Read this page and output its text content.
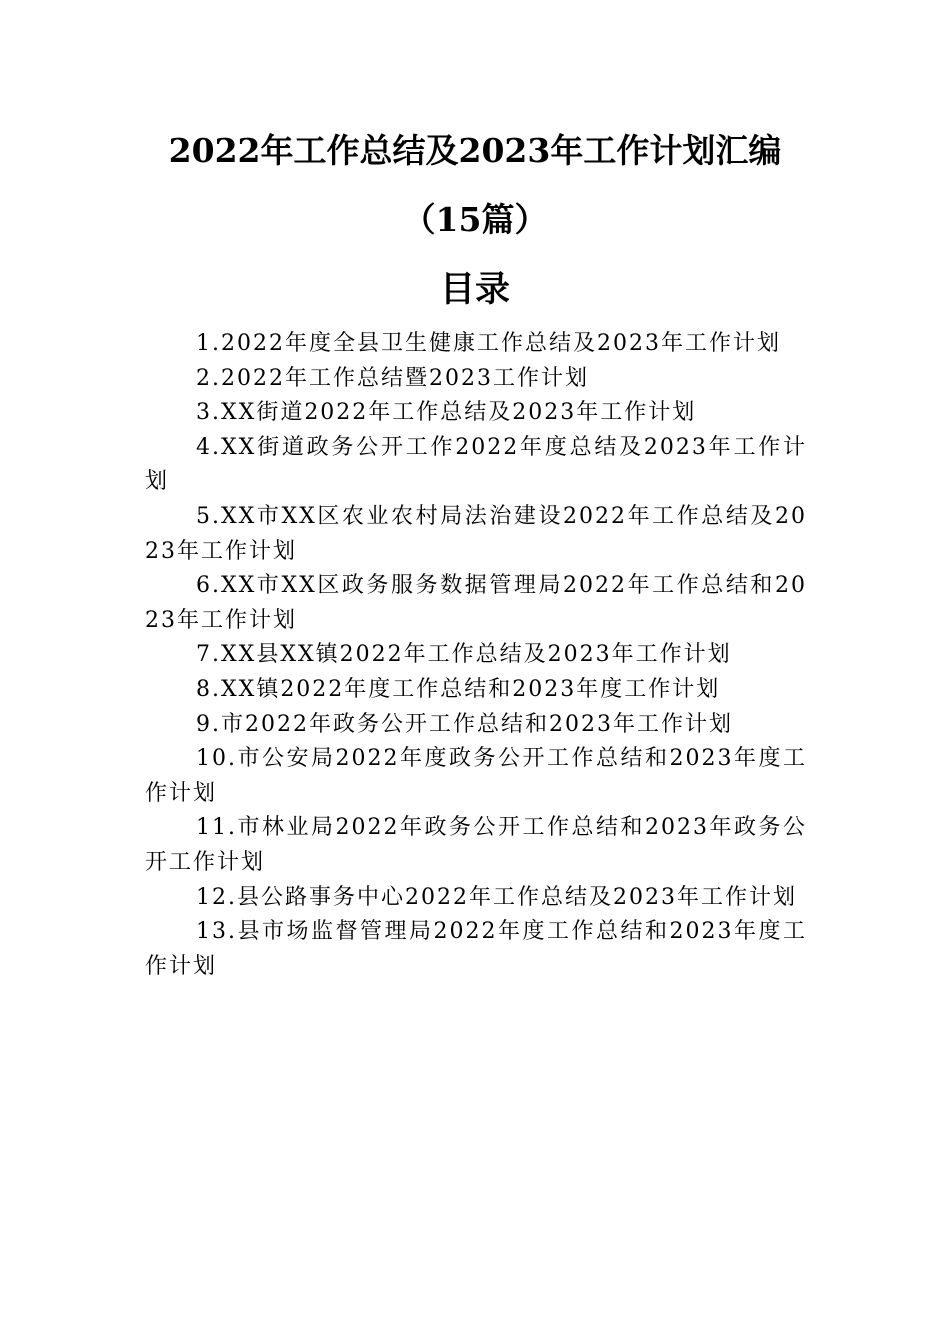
2022年工作总结及2023年工作计划汇编
（15篇）
目录
1.2022年度全县卫生健康工作总结及2023年工作计划
2.2022年工作总结暨2023工作计划
3.XX街道2022年工作总结及2023年工作计划
4.XX街道政务公开工作2022年度总结及2023年工作计划
5.XX市XX区农业农村局法治建设2022年工作总结及2023年工作计划
6.XX市XX区政务服务数据管理局2022年工作总结和2023年工作计划
7.XX县XX镇2022年工作总结及2023年工作计划
8.XX镇2022年度工作总结和2023年度工作计划
9.市2022年政务公开工作总结和2023年工作计划
10.市公安局2022年度政务公开工作总结和2023年度工作计划
11.市林业局2022年政务公开工作总结和2023年政务公开工作计划
12.县公路事务中心2022年工作总结及2023年工作计划
13.县市场监督管理局2022年度工作总结和2023年度工作计划
